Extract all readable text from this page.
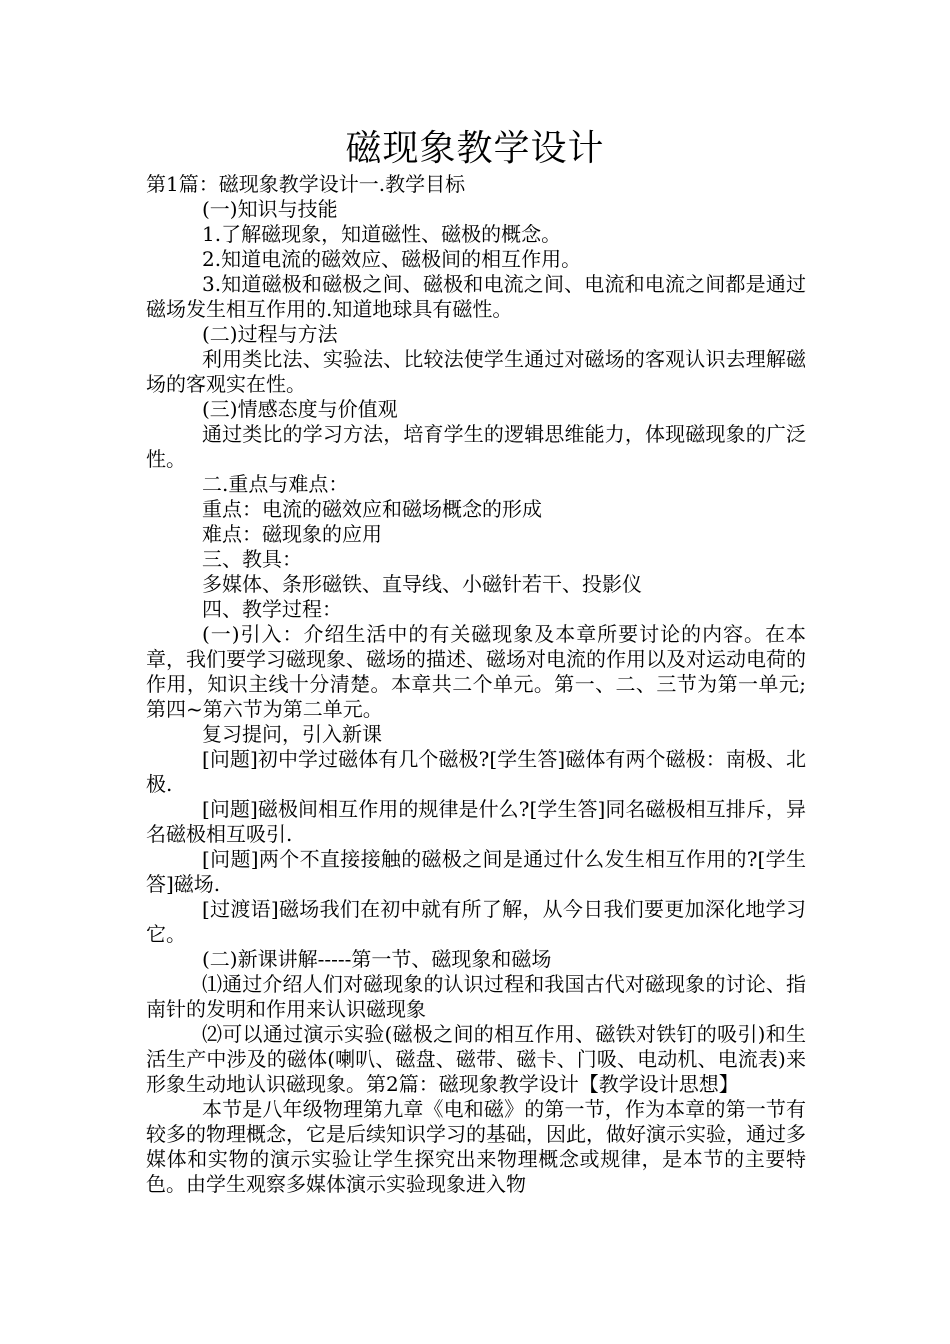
磁现象教学设计
第1篇：磁现象教学设计一.教学目标
(一)知识与技能
1.了解磁现象，知道磁性、磁极的概念。
2.知道电流的磁效应、磁极间的相互作用。
3.知道磁极和磁极之间、磁极和电流之间、电流和电流之间都是通过磁场发生相互作用的.知道地球具有磁性。
(二)过程与方法
利用类比法、实验法、比较法使学生通过对磁场的客观认识去理解磁场的客观实在性。
(三)情感态度与价值观
通过类比的学习方法，培育学生的逻辑思维能力，体现磁现象的广泛性。
二.重点与难点：
重点：电流的磁效应和磁场概念的形成
难点：磁现象的应用
三、教具：
多媒体、条形磁铁、直导线、小磁针若干、投影仪
四、教学过程：
(一)引入：介绍生活中的有关磁现象及本章所要讨论的内容。在本章，我们要学习磁现象、磁场的描述、磁场对电流的作用以及对运动电荷的作用，知识主线十分清楚。本章共二个单元。第一、二、三节为第一单元;第四~第六节为第二单元。
复习提问，引入新课
[问题]初中学过磁体有几个磁极?[学生答]磁体有两个磁极：南极、北极.
[问题]磁极间相互作用的规律是什么?[学生答]同名磁极相互排斥，异名磁极相互吸引.
[问题]两个不直接接触的磁极之间是通过什么发生相互作用的?[学生答]磁场.
[过渡语]磁场我们在初中就有所了解，从今日我们要更加深化地学习它。
(二)新课讲解-----第一节、磁现象和磁场
⑴通过介绍人们对磁现象的认识过程和我国古代对磁现象的讨论、指南针的发明和作用来认识磁现象
⑵可以通过演示实验(磁极之间的相互作用、磁铁对铁钉的吸引)和生活生产中涉及的磁体(喇叭、磁盘、磁带、磁卡、门吸、电动机、电流表)来形象生动地认识磁现象。第2篇：磁现象教学设计【教学设计思想】
本节是八年级物理第九章《电和磁》的第一节，作为本章的第一节有较多的物理概念，它是后续知识学习的基础，因此，做好演示实验，通过多媒体和实物的演示实验让学生探究出来物理概念或规律，是本节的主要特色。由学生观察多媒体演示实验现象进入物
